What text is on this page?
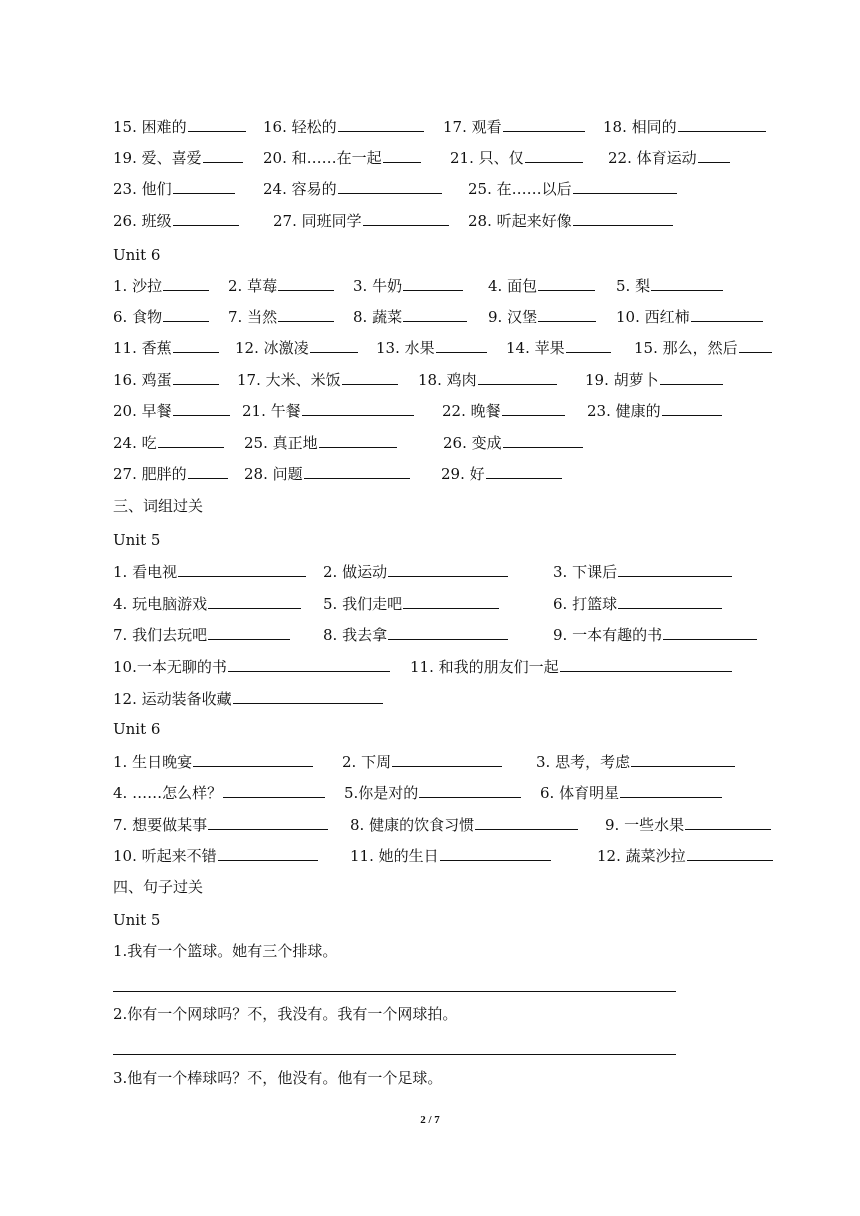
15. 困难的	16. 轻松的	17. 观看	18. 相同的
19. 爱、喜爱	20. 和……在一起	21. 只、仅	22. 体育运动
23. 他们	24. 容易的	25. 在……以后
26. 班级	27. 同班同学	28. 听起来好像
1. 沙拉	2. 草莓	3. 牛奶	4. 面包	5. 梨
6. 食物	7. 当然	8. 蔬菜	9. 汉堡	10. 西红柿
11. 香蕉	12. 冰激凌	13. 水果	14. 苹果	15. 那么，然后
16. 鸡蛋	17. 大米、米饭	18. 鸡肉	19. 胡萝卜
20. 早餐	21. 午餐	22. 晚餐	23. 健康的
24. 吃	25. 真正地	26. 变成
27. 肥胖的	28. 问题	29. 好
1. 看电视	2. 做运动	3. 下课后
4. 玩电脑游戏	5. 我们走吧	6. 打篮球
7. 我们去玩吧	8. 我去拿	9. 一本有趣的书
10.一本无聊的书	11. 和我的朋友们一起
12. 运动装备收藏
1. 生日晚宴	2. 下周	3. 思考，考虑
4. ……怎么样？	5.你是对的	6. 体育明星
7. 想要做某事	8. 健康的饮食习惯	9. 一些水果
10. 听起来不错	11. 她的生日	12. 蔬菜沙拉
Unit 6
三、词组过关
Unit 5
Unit 6
四、句子过关
Unit 5
1.我有一个篮球。她有三个排球。
2.你有一个网球吗？不，我没有。我有一个网球拍。
3.他有一个棒球吗？不，他没有。他有一个足球。
2 / 7
